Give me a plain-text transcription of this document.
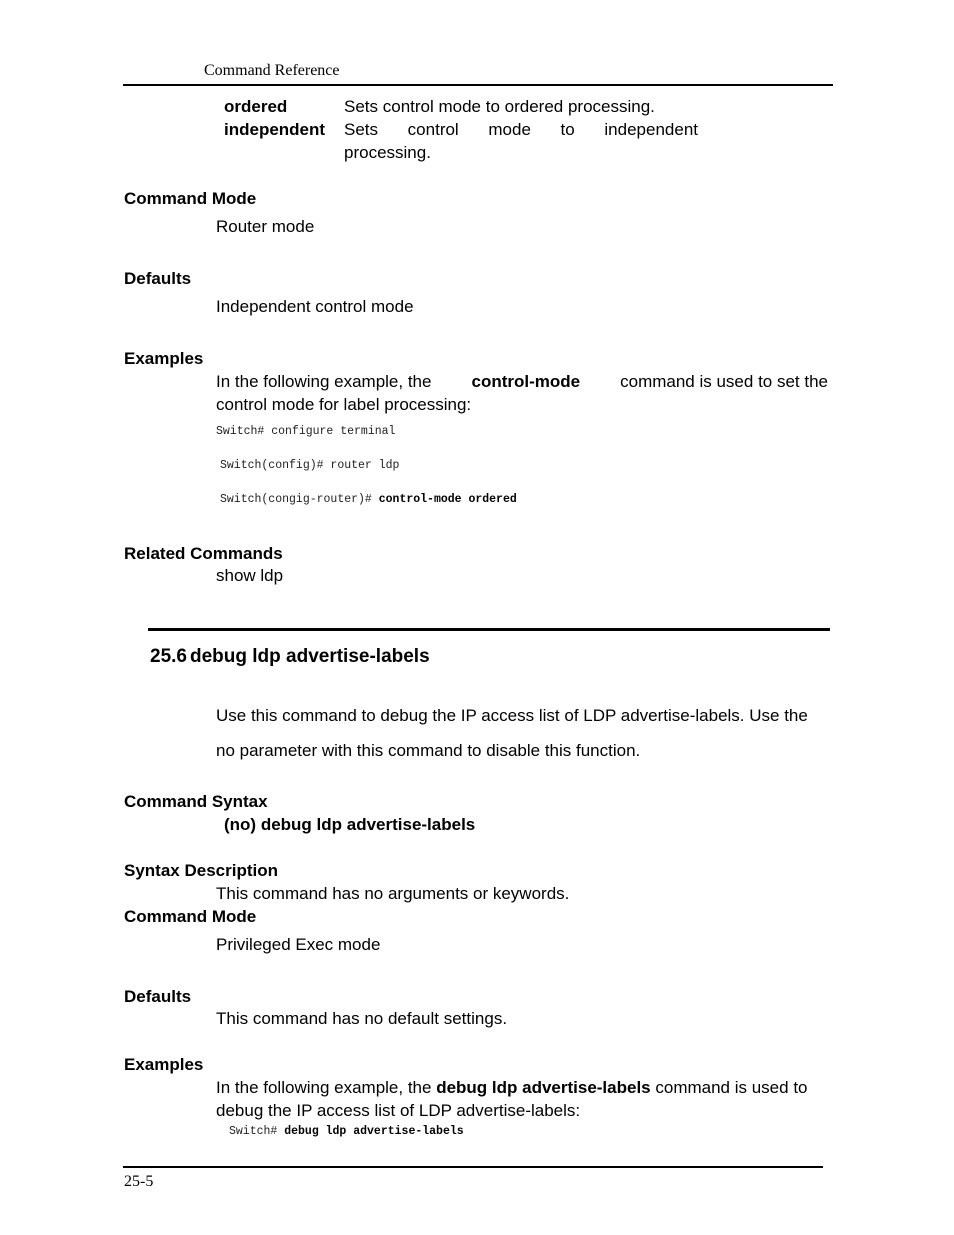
Command Reference
ordered	Sets control mode to ordered processing.
independent Sets control mode to independent
processing.
Command Mode
Router mode
Defaults
Independent control mode
Examples
In the following example, the control-mode command is used to set the
control mode for label processing:
Switch# configure terminal
Switch(config)# router ldp
Switch(congig-router)# control-mode ordered
Related Commands
show ldp
25.6 debug ldp advertise-labels
Use this command to debug the IP access list of LDP advertise-labels. Use the
no parameter with this command to disable this function.
Command Syntax
(no) debug ldp advertise-labels
Syntax Description
This command has no arguments or keywords.
Command Mode
Privileged Exec mode
Defaults
This command has no default settings.
Examples
In the following example, the debug ldp advertise-labels command is used to
debug the IP access list of LDP advertise-labels:
Switch# debug ldp advertise-labels
25-5
